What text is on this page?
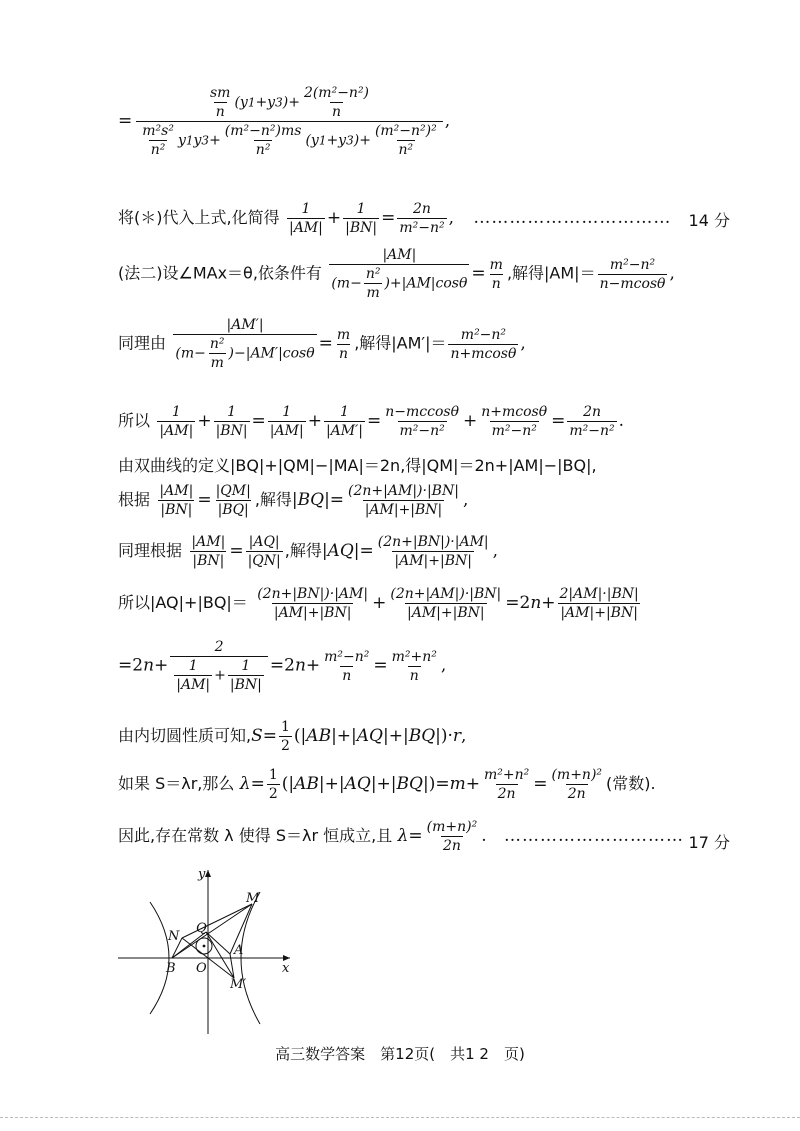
= $\frac{\frac{sm}{n} (y1+y3)+ \frac{\text{2(m²−n²)}}{n}}{\frac{\text{m²s²}}{\text{n²}} y1y3+ \frac{\text{(m²−n²)ms}}{\text{n²}} (y1+y3)+ \frac{\text{(m²−n²)²}}{\text{n²}}}$ ,
将(＊)代入上式,化简得 $\frac{1}{|AM|} + \frac{1}{|BN|} = \frac{2n}{\text{m²−n²}}$ , …………………………… 14 分
(法二)设∠MAx＝θ,依条件有 $\frac{|AM|}{(m- \frac{\text{n²}}{m} )+|AM|\cos\theta} = \frac{m}{n}$ ,解得$|AM|= \frac{\text{m²−n²}}{n-mcos\theta}$ ,
同理由 $\frac{|AM'|}{(m- \frac{\text{n²}}{m} )-|AM'|\cos\theta} = \frac{m}{n}$ ,解得$|AM'|= \frac{\text{m²−n²}}{n+mcos\theta}$ ,
所以 $\frac{1}{|AM|} + \frac{1}{|BN|} = \frac{1}{|AM|} + \frac{1}{|AM'|} = \frac{n-mccos\theta}{\text{m²−n²}} + \frac{n+mcos\theta}{\text{m²−n²}} = \frac{2n}{\text{m²−n²}}$ .
由双曲线的定义|BQ|+|QM|−|MA|＝2n,得|QM|＝2n+|AM|−|BQ|,
根据 $\frac{|AM|}{|BN|} = \frac{|QM|}{|BQ|}$ ,解得$|BQ|= \frac{(2n+|AM|)\cdot|BN|}{|AM|+|BN|}$ ,
同理根据 $\frac{|AM|}{|BN|} = \frac{|AQ|}{|QN|}$ ,解得$|AQ|= \frac{(2n+|BN|)\cdot|AM|}{|AM|+|BN|}$ ,
所以$|AQ|+|BQ|= \frac{(2n+|BN|)\cdot|AM|}{|AM|+|BN|} + \frac{(2n+|AM|)\cdot|BN|}{|AM|+|BN|} =2n+ \frac{2|AM|\cdot|BN|}{|AM|+|BN|}$
$=2n+ \frac{2}{\frac{1}{|AM|} + \frac{1}{|BN|}} =2n+ \frac{\text{m²−n²}}{n} = \frac{\text{m²+n²}}{n}$ ,
由内切圆性质可知$,S= \frac{1}{2} (|AB|+|AQ|+|BQ|)\cdot r$,
如果 S＝λr,那么 $\lambda= \frac{1}{2} (|AB|+|AQ|+|BQ|)=m+ \frac{\text{m²+n²}}{2n} = \frac{\text{(m+n)²}}{2n}$ (常数).
因此,存在常数 λ 使得 S＝λr 恒成立,且 $\lambda= \frac{\text{(m+n)²}}{2n}$ . ………………………… 17 分
y
x
M
Q
N
A
B O
M′
高三数学答案　第12页(　共1 2　页)
